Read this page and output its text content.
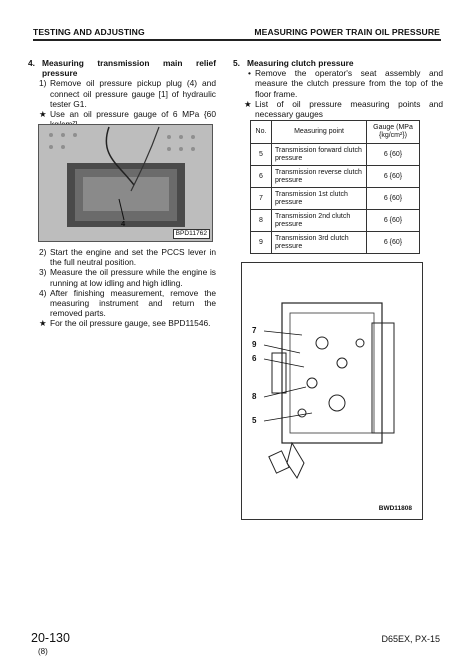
TESTING AND ADJUSTING	MEASURING POWER TRAIN OIL PRESSURE
4. Measuring transmission main relief pressure
1) Remove oil pressure pickup plug (4) and connect oil pressure gauge [1] of hydraulic tester G1.
★ Use an oil pressure gauge of 6 MPa {60
4
BPD11762
2) Start the engine and set the PCCS lever in the full neutral position.
3) Measure the oil pressure while the engine is running at low idling and high idling.
4) After finishing measurement, remove the measuring instrument and return the removed parts.
★ For the oil pressure gauge, see BPD11546.
5. Measuring clutch pressure
• Remove the operator's seat assembly and measure the clutch pressure from the top of the floor frame.
★ List of oil pressure measuring points and necessary gauges
No.	Measuring point	Gauge (MPa {kg/cm²})
5	Transmission forward clutch pressure	6 {60}
6	Transmission reverse clutch pressure	6 {60}
7	Transmission 1st clutch pressure	6 {60}
8	Transmission 2nd clutch pressure	6 {60}
9	Transmission 3rd clutch pressure	6 {60}
7
9
6
8
5
BWD11808
20-130
(8)
D65EX, PX-15
